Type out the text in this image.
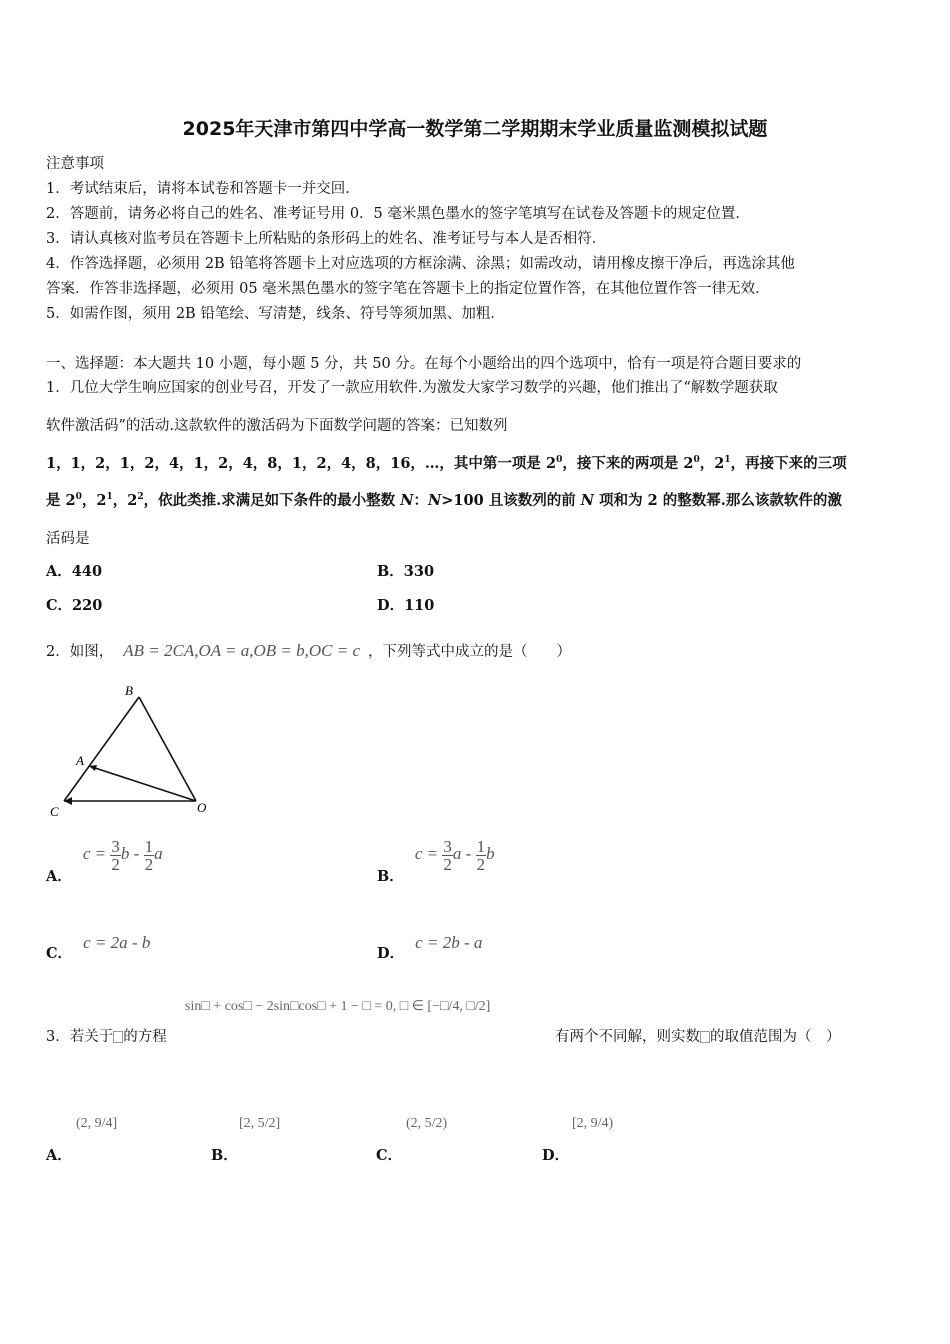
2025年天津市第四中学高一数学第二学期期末学业质量监测模拟试题
注意事项
1．考试结束后，请将本试卷和答题卡一并交回．
2．答题前，请务必将自己的姓名、准考证号用 0．5 毫米黑色墨水的签字笔填写在试卷及答题卡的规定位置．
3．请认真核对监考员在答题卡上所粘贴的条形码上的姓名、准考证号与本人是否相符．
4．作答选择题，必须用 2B 铅笔将答题卡上对应选项的方框涂满、涂黑；如需改动，请用橡皮擦干净后，再选涂其他
答案．作答非选择题，必须用 05 毫米黑色墨水的签字笔在答题卡上的指定位置作答，在其他位置作答一律无效．
5．如需作图，须用 2B 铅笔绘、写清楚，线条、符号等须加黑、加粗．
一、选择题：本大题共 10 小题，每小题 5 分，共 50 分。在每个小题给出的四个选项中，恰有一项是符合题目要求的
1．几位大学生响应国家的创业号召，开发了一款应用软件.为激发大家学习数学的兴趣，他们推出了“解数学题获取
软件激活码”的活动.这款软件的激活码为下面数学问题的答案：已知数列
1，1，2，1，2，4，1，2，4，8，1，2，4，8，16，…，其中第一项是 $2^0$，接下来的两项是 $2^0$，$2^1$，再接下来的三项
是 $2^0$，$2^1$，$2^2$，依此类推.求满足如下条件的最小整数 N：N>100 且该数列的前 N 项和为 2 的整数幂.那么该款软件的激
活码是
A．440	B．330
C．220	D．110
2．如图， AB = 2CA,OA = a,OB = b,OC = c ，下列等式中成立的是（　　）
B
A
C	O
A． $c = \frac{3}{2}$ b - $\frac{1}{2}$ a
B． $c = \frac{3}{2}$ a - $\frac{1}{2}$ b
C． c = 2a - b
D． c = 2b - a
sin□ + cos□ − 2sin□cos□ + 1 − □ = 0, □ ∈ [−□/4, □/2]
3．若关于 的方程	有两个不同解，则实数 的取值范围为（　）
(2, 9/4]
A．
[2, 5/2]
B．
(2, 5/2)
C．
[2, 9/4)
D．
